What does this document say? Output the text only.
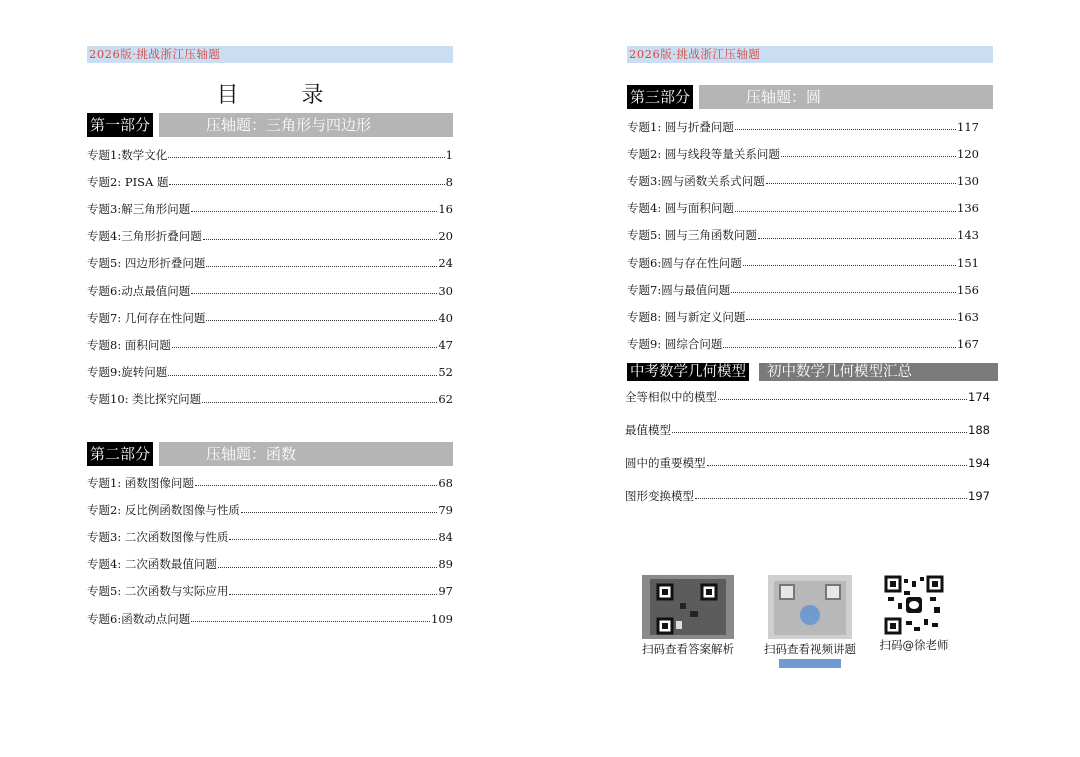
2026版·挑战浙江压轴题
目 录
第一部分	压轴题：三角形与四边形
专题1:数学文化	1
专题2: PISA 题	8
专题3:解三角形问题	16
专题4:三角形折叠问题	20
专题5: 四边形折叠问题	24
专题6:动点最值问题	30
专题7: 几何存在性问题	40
专题8: 面积问题	47
专题9:旋转问题	52
专题10: 类比探究问题	62
第二部分	压轴题：函数
专题1: 函数图像问题	68
专题2: 反比例函数图像与性质	79
专题3: 二次函数图像与性质	84
专题4: 二次函数最值问题	89
专题5: 二次函数与实际应用	97
专题6:函数动点问题	109
2026版·挑战浙江压轴题
第三部分	压轴题：圆
专题1: 圆与折叠问题	117
专题2: 圆与线段等量关系问题	120
专题3:圆与函数关系式问题	130
专题4: 圆与面积问题	136
专题5: 圆与三角函数问题	143
专题6:圆与存在性问题	151
专题7:圆与最值问题	156
专题8: 圆与新定义问题	163
专题9: 圆综合问题	167
中考数学几何模型	初中数学几何模型汇总
全等相似中的模型	174
最值模型	188
圆中的重要模型	194
图形变换模型	197
扫码查看答案解析	扫码查看视频讲题	扫码@徐老师
